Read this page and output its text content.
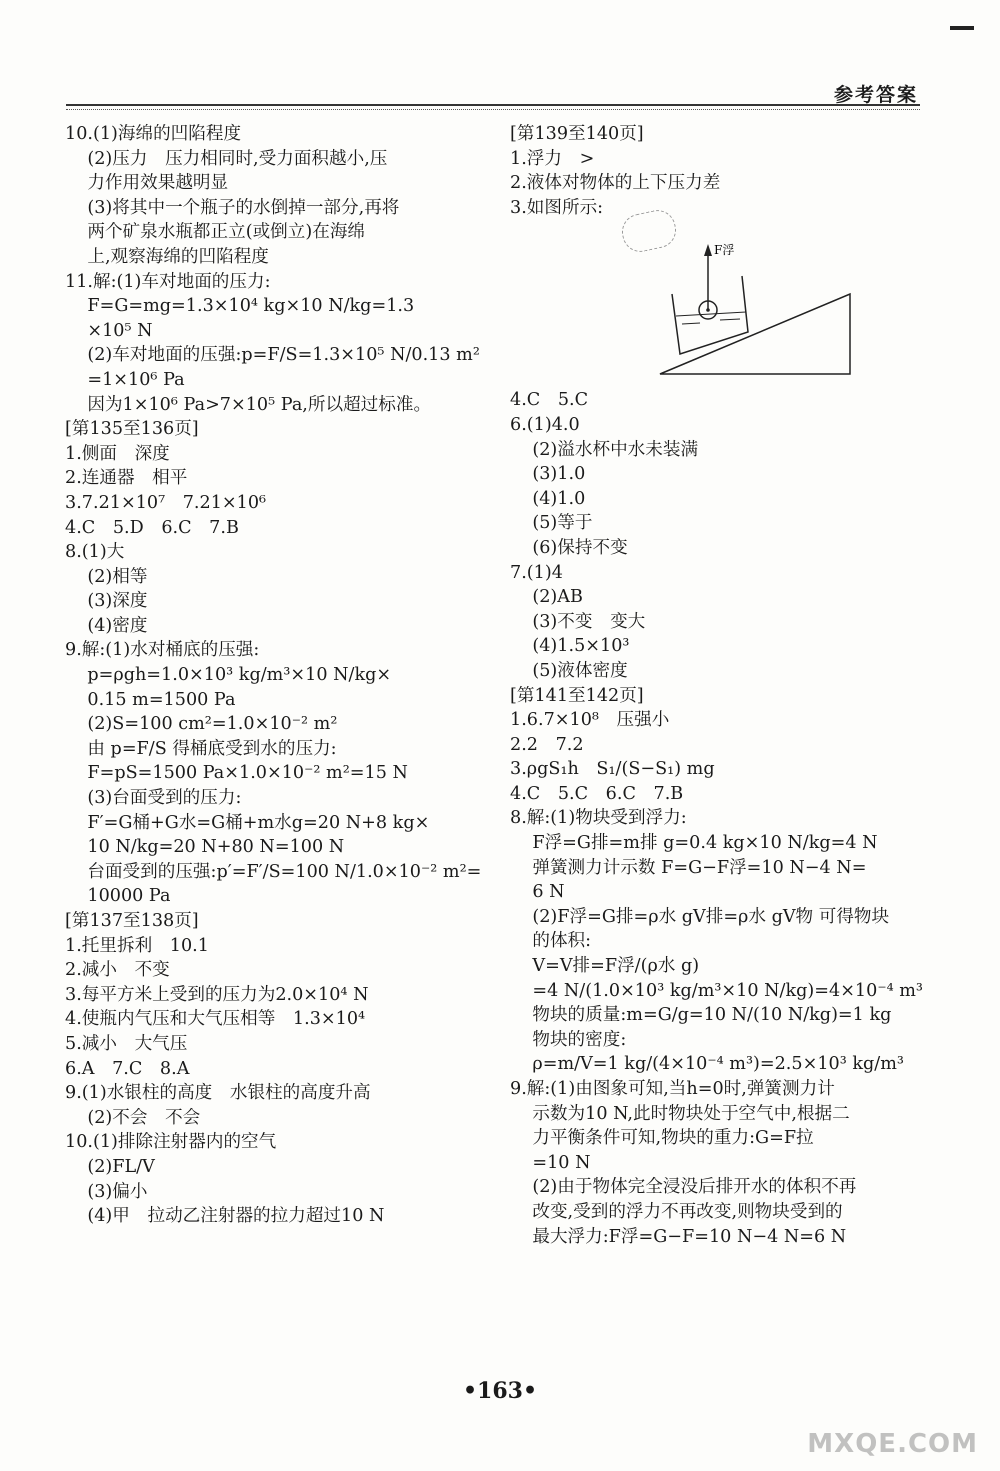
参考答案
10.(1)海绵的凹陷程度
(2)压力　压力相同时,受力面积越小,压
力作用效果越明显
(3)将其中一个瓶子的水倒掉一部分,再将
两个矿泉水瓶都正立(或倒立)在海绵
上,观察海绵的凹陷程度
11.解:(1)车对地面的压力:
F=G=mg=1.3×10⁴ kg×10 N/kg=1.3
×10⁵ N
(2)车对地面的压强:p=F/S=1.3×10⁵ N/0.13 m²
=1×10⁶ Pa
因为1×10⁶ Pa>7×10⁵ Pa,所以超过标准。
[第135至136页]
1.侧面　深度
2.连通器　相平
3.7.21×10⁷　7.21×10⁶
4.C　5.D　6.C　7.B
8.(1)大
(2)相等
(3)深度
(4)密度
9.解:(1)水对桶底的压强:
p=ρgh=1.0×10³ kg/m³×10 N/kg×
0.15 m=1500 Pa
(2)S=100 cm²=1.0×10⁻² m²
由 p=F/S 得桶底受到水的压力:
F=pS=1500 Pa×1.0×10⁻² m²=15 N
(3)台面受到的压力:
F′=G桶+G水=G桶+m水g=20 N+8 kg×
10 N/kg=20 N+80 N=100 N
台面受到的压强:p′=F′/S=100 N/1.0×10⁻² m²=
10000 Pa
[第137至138页]
1.托里拆利　10.1
2.减小　不变
3.每平方米上受到的压力为2.0×10⁴ N
4.使瓶内气压和大气压相等　1.3×10⁴
5.减小　大气压
6.A　7.C　8.A
9.(1)水银柱的高度　水银柱的高度升高
(2)不会　不会
10.(1)排除注射器内的空气
(2)FL/V
(3)偏小
(4)甲　拉动乙注射器的拉力超过10 N
[第139至140页]
1.浮力　>
2.液体对物体的上下压力差
3.如图所示:
F浮
4.C　5.C
6.(1)4.0
(2)溢水杯中水未装满
(3)1.0
(4)1.0
(5)等于
(6)保持不变
7.(1)4
(2)AB
(3)不变　变大
(4)1.5×10³
(5)液体密度
[第141至142页]
1.6.7×10⁸　压强小
2.2　7.2
3.ρgS₁h　S₁/(S−S₁) mg
4.C　5.C　6.C　7.B
8.解:(1)物块受到浮力:
F浮=G排=m排 g=0.4 kg×10 N/kg=4 N
弹簧测力计示数 F=G−F浮=10 N−4 N=
6 N
(2)F浮=G排=ρ水 gV排=ρ水 gV物 可得物块
的体积:
V=V排=F浮/(ρ水 g)
=4 N/(1.0×10³ kg/m³×10 N/kg)=4×10⁻⁴ m³
物块的质量:m=G/g=10 N/(10 N/kg)=1 kg
物块的密度:
ρ=m/V=1 kg/(4×10⁻⁴ m³)=2.5×10³ kg/m³
9.解:(1)由图象可知,当h=0时,弹簧测力计
示数为10 N,此时物块处于空气中,根据二
力平衡条件可知,物块的重力:G=F拉
=10 N
(2)由于物体完全浸没后排开水的体积不再
改变,受到的浮力不再改变,则物块受到的
最大浮力:F浮=G−F=10 N−4 N=6 N
•163•
MXQE.COM
